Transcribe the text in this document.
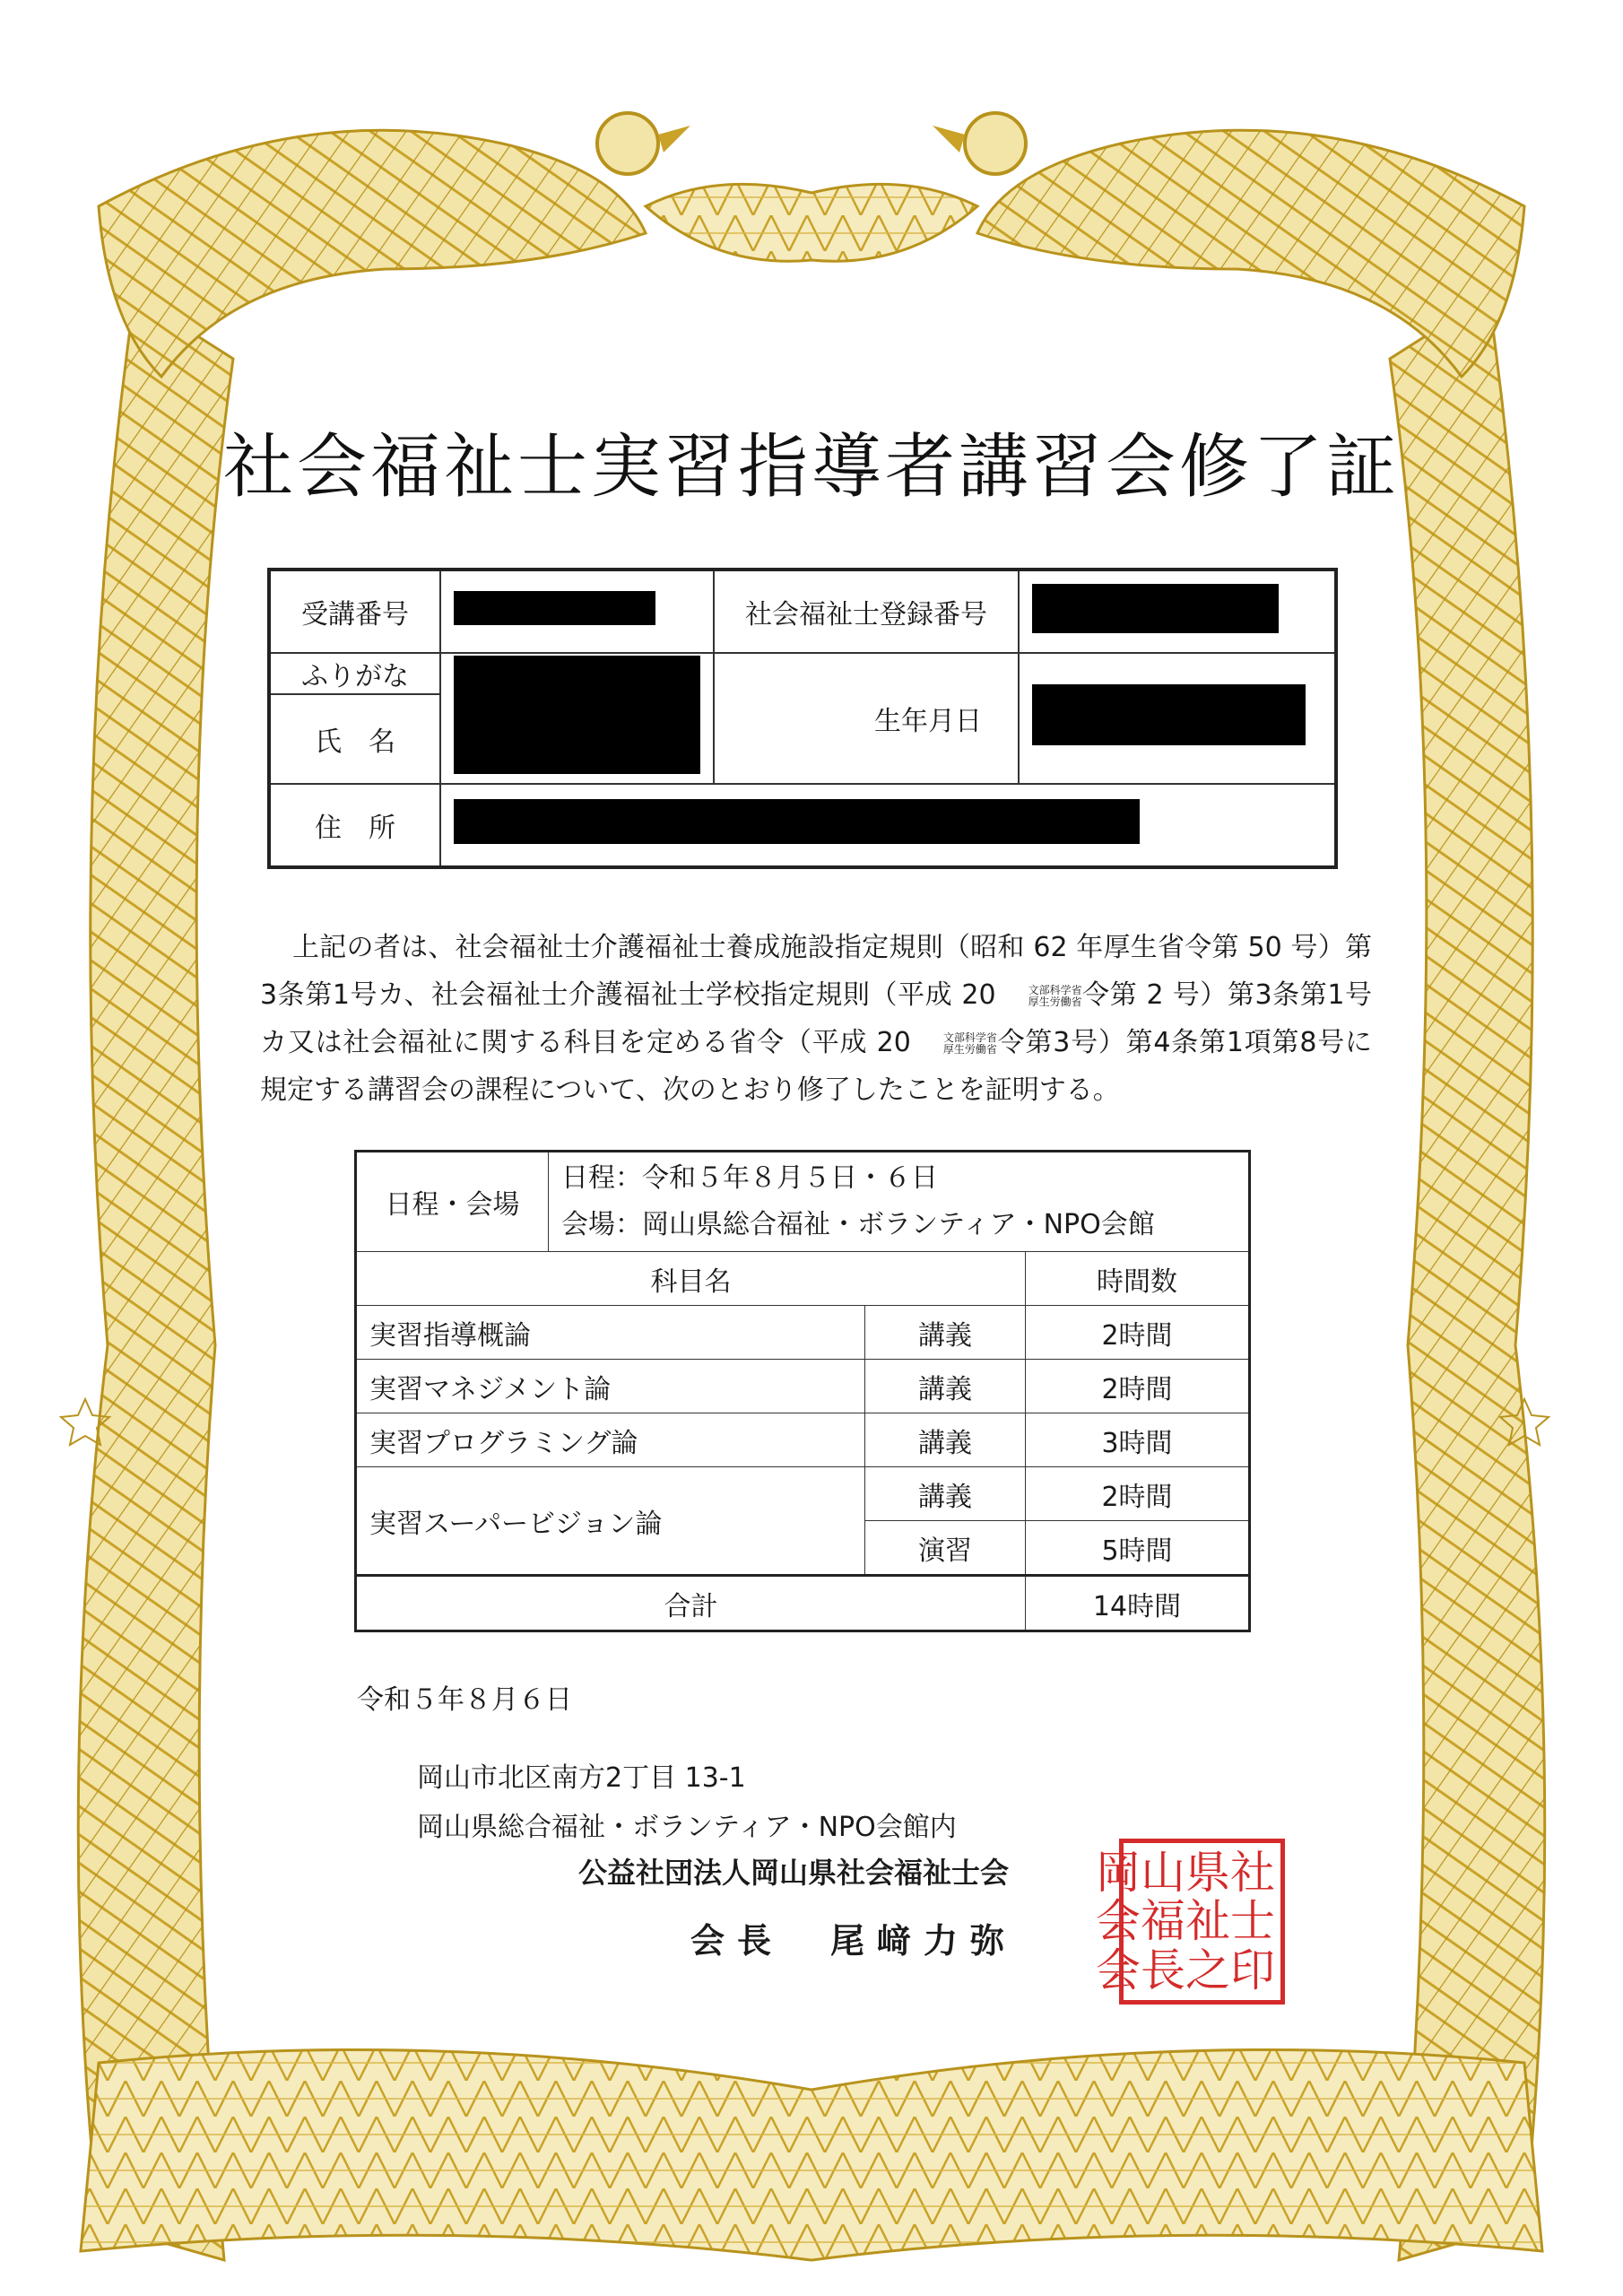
社会福祉士実習指導者講習会修了証
受講番号		社会福祉士登録番号	
ふりがな		生年月日	
氏　名			
住　所			

上記の者は、社会福祉士介護福祉士養成施設指定規則（昭和 62 年厚生省令第 50 号）第3条第1号カ、社会福祉士介護福祉士学校指定規則（平成 20	文部科学省
厚生労働省 令第 2 号）第3条第1号カ又は社会福祉に関する科目を定める省令（平成 20	文部科学省
厚生労働省 令第3号）第4条第1項第8号に規定する講習会の課程について、次のとおり修了したことを証明する。

日程・会場	日程：令和５年８月５日・６日
会場：岡山県総合福祉・ボランティア・NPO会館		

科目名			時間数
実習指導概論		講義	2時間
実習マネジメント論		講義	2時間
実習プログラミング論		講義	3時間
実習スーパービジョン論		講義	2時間
		演習	5時間
合計			14時間
令和５年８月６日
岡山市北区南方2丁目 13-1
岡山県総合福祉・ボランティア・NPO会館内
公益社団法人岡山県社会福祉士会
会長　尾﨑力弥
社
士
印
県
祉
之
山
福
長
岡
会
会
